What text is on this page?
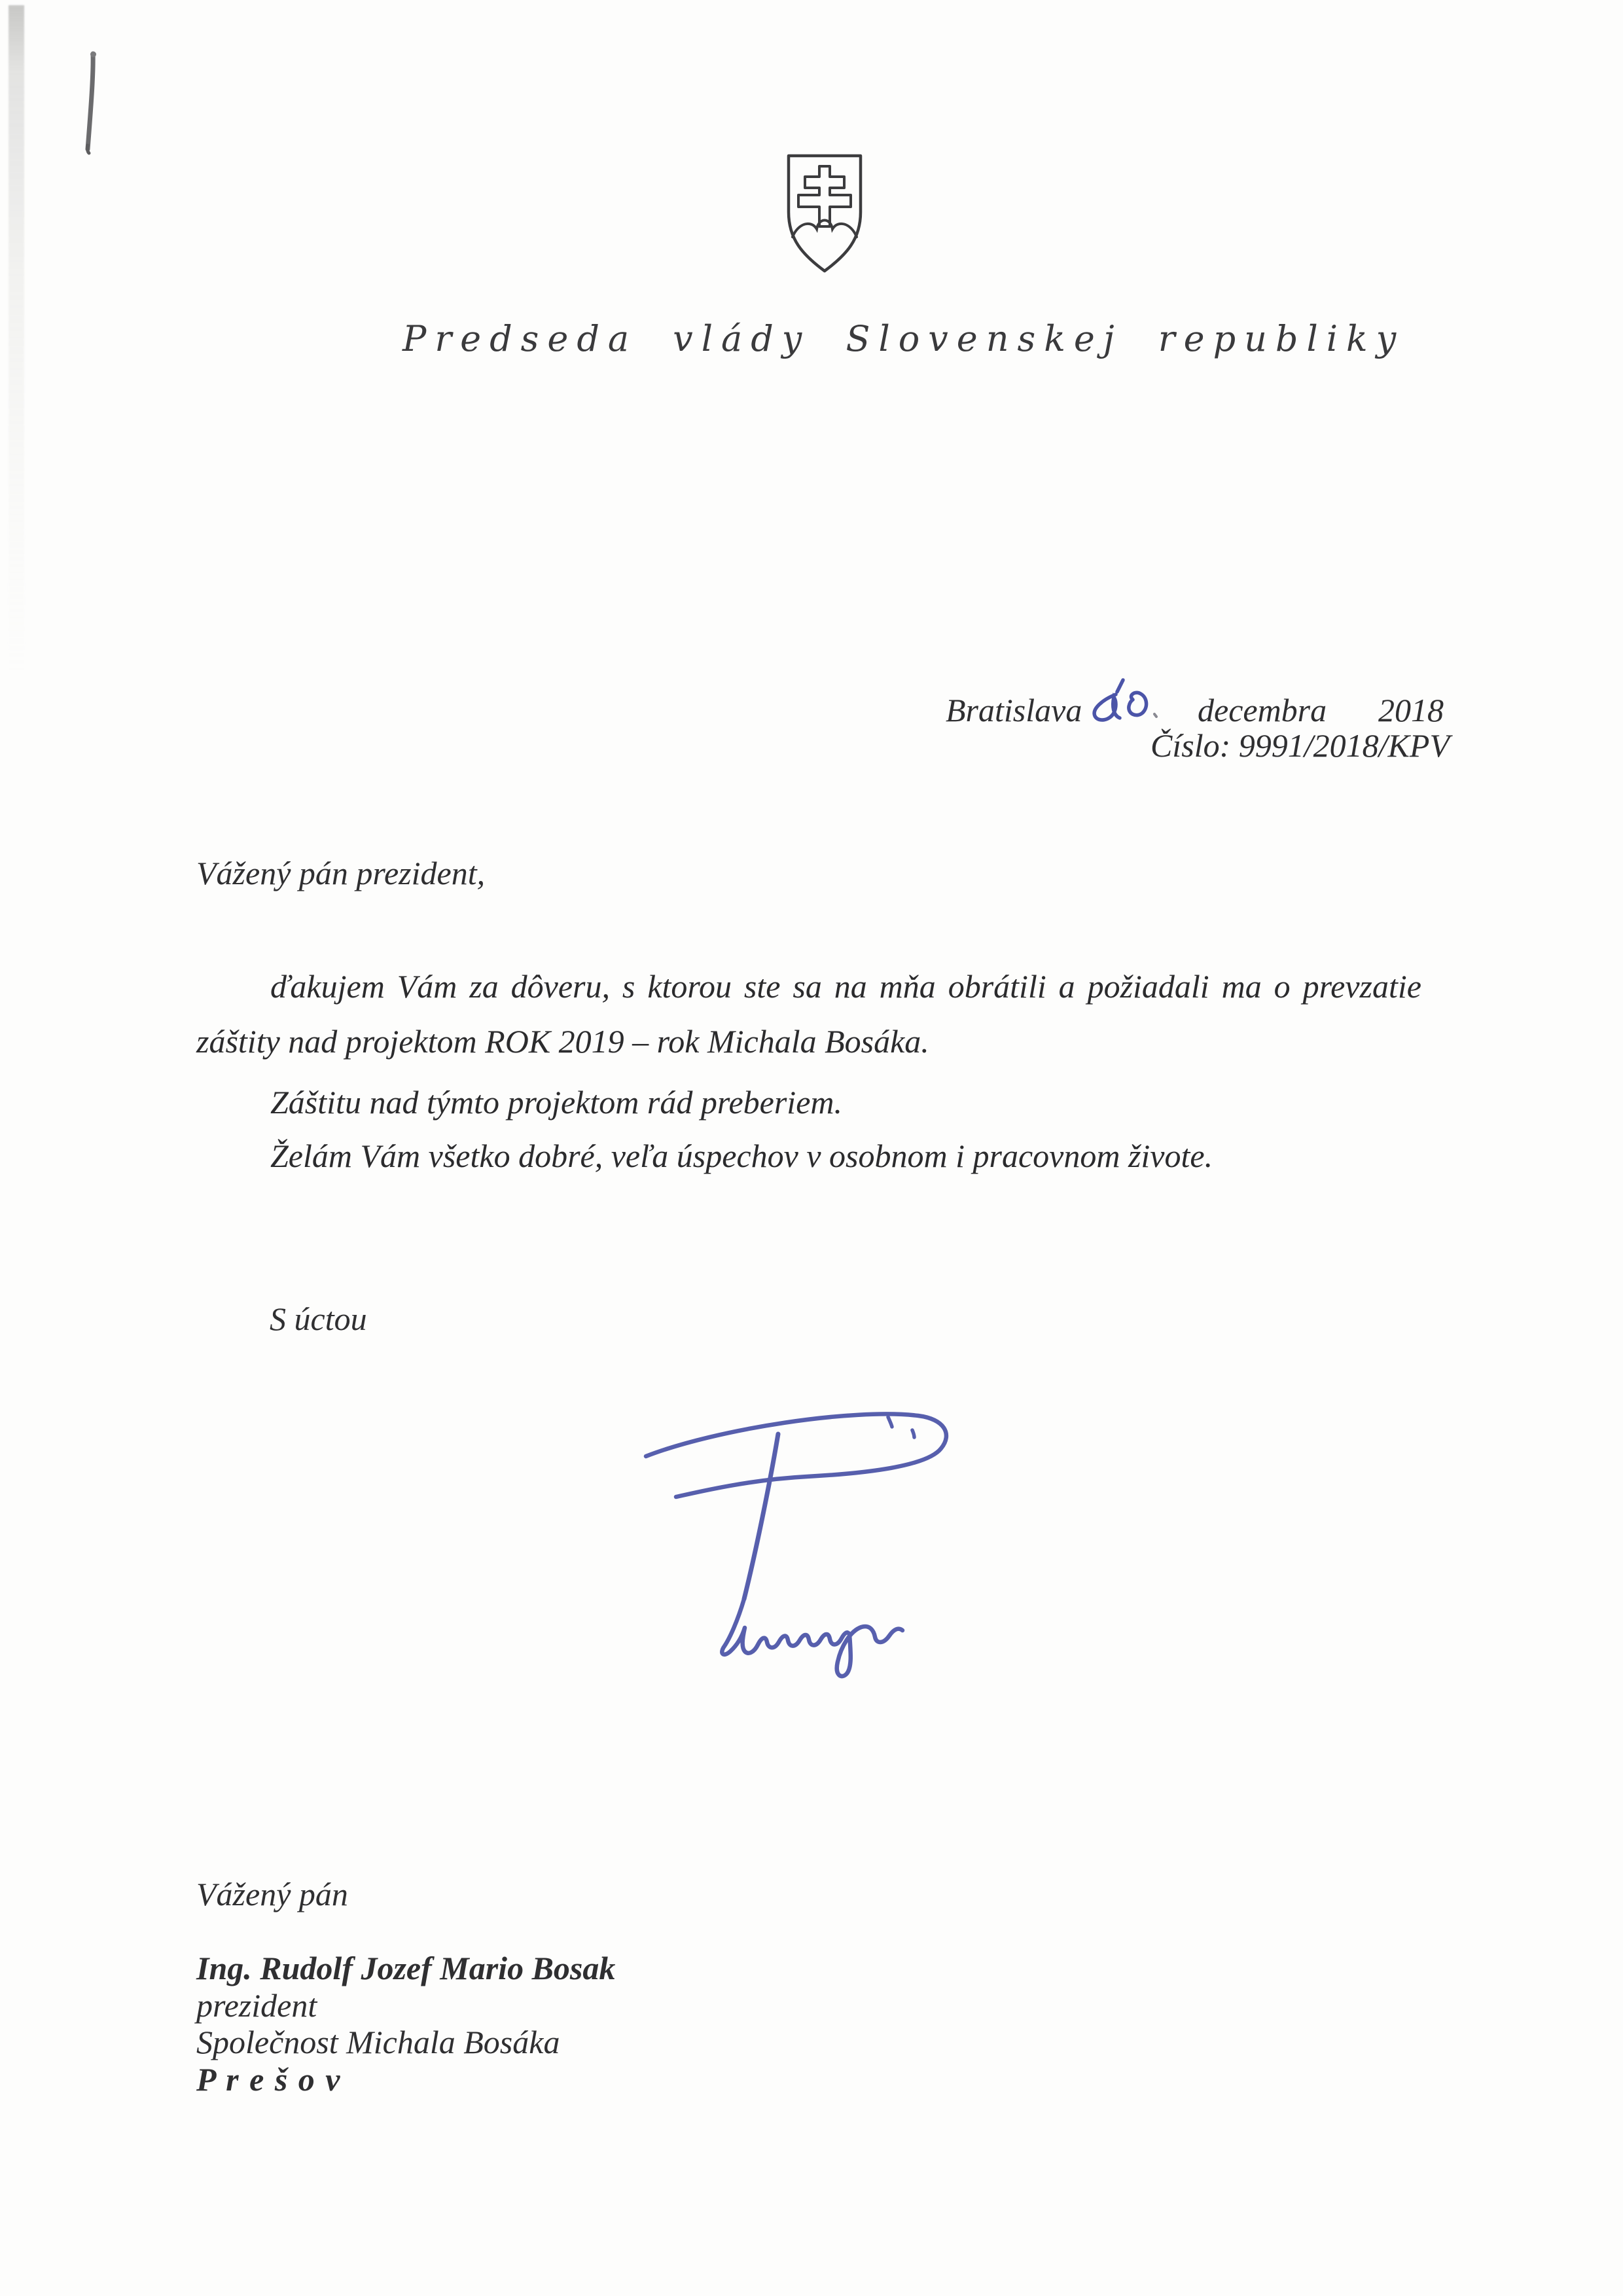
Predseda vlády Slovenskej republiky
Bratislava	decembra 2018
Číslo: 9991/2018/KPV
Vážený pán prezident,
ďakujem Vám za dôveru, s ktorou ste sa na mňa obrátili a požiadali ma o prevzatie
záštity nad projektom ROK 2019 – rok Michala Bosáka.
Záštitu nad týmto projektom rád preberiem.
Želám Vám všetko dobré, veľa úspechov v osobnom i pracovnom živote.
S úctou
Vážený pán
Ing. Rudolf Jozef Mario Bosak
prezident
Společnost Michala Bosáka
P r e š o v
